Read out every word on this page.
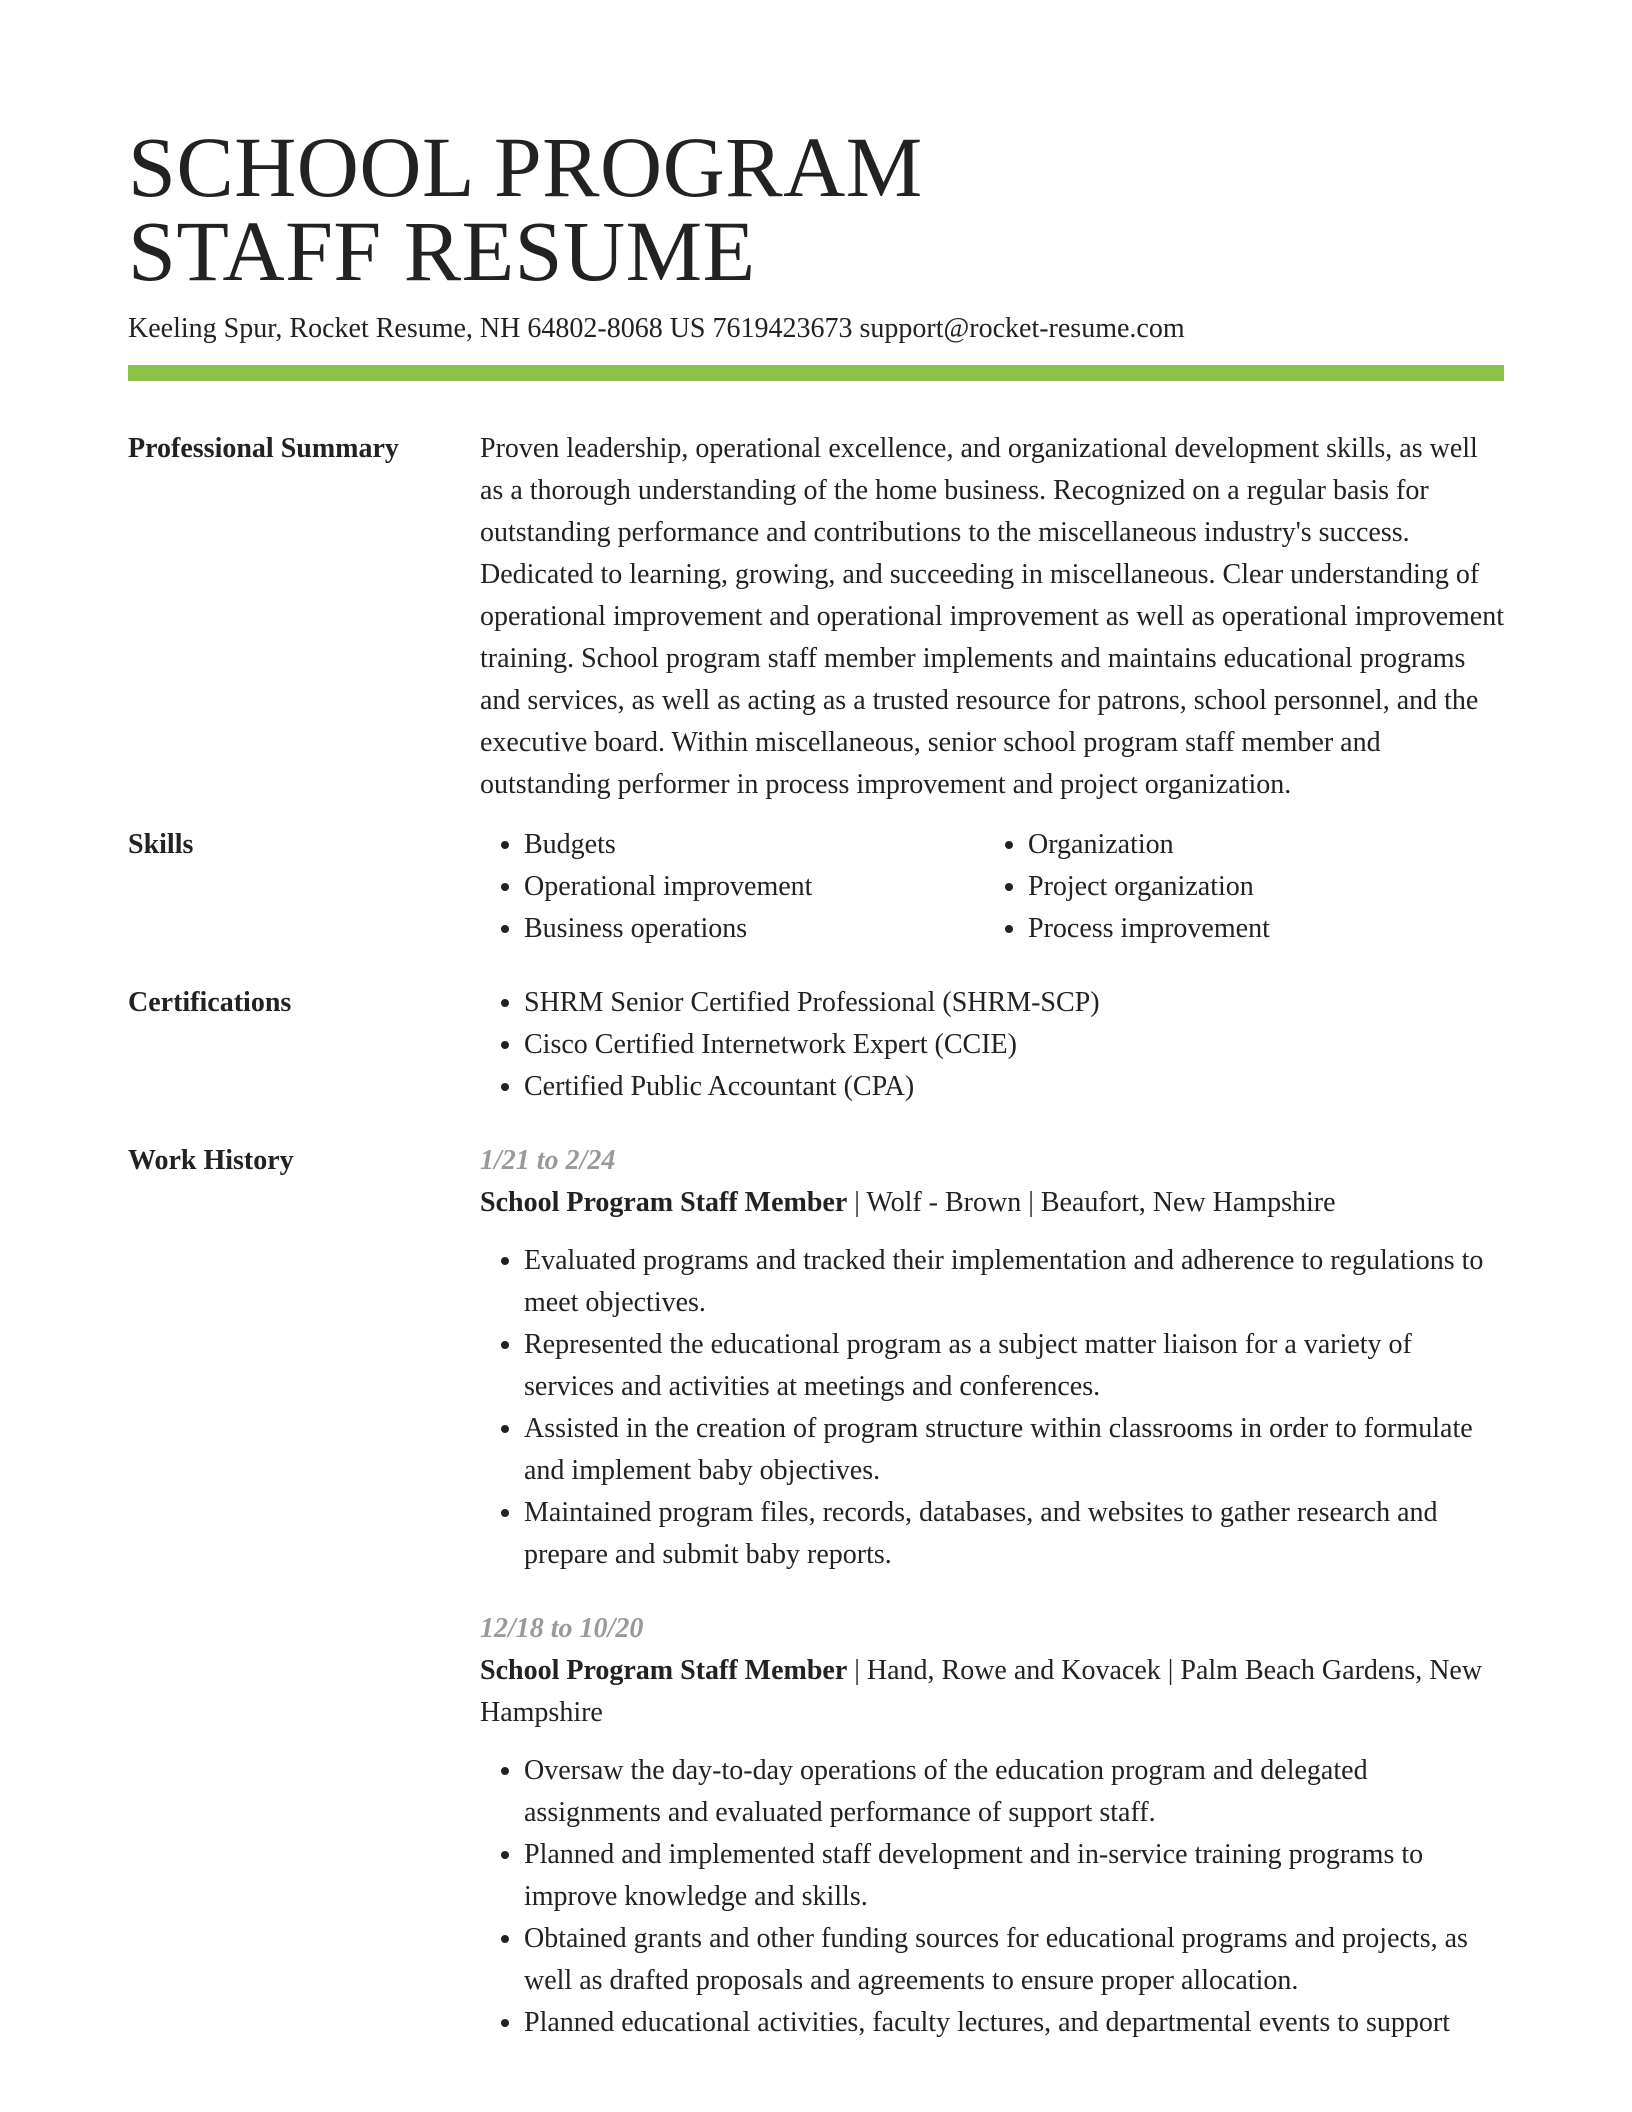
SCHOOL PROGRAM
STAFF RESUME
Keeling Spur, Rocket Resume, NH 64802-8068 US 7619423673 support@rocket-resume.com
Professional Summary	Proven leadership, operational excellence, and organizational development skills, as well as a thorough understanding of the home business. Recognized on a regular basis for outstanding performance and contributions to the miscellaneous industry's success. Dedicated to learning, growing, and succeeding in miscellaneous. Clear understanding of operational improvement and operational improvement as well as operational improvement training. School program staff member implements and maintains educational programs and services, as well as acting as a trusted resource for patrons, school personnel, and the executive board. Within miscellaneous, senior school program staff member and outstanding performer in process improvement and project organization.
Skills	• Budgets
• Operational improvement
• Business operations
• Organization
• Project organization
• Process improvement
Certifications	• SHRM Senior Certified Professional (SHRM-SCP)
• Cisco Certified Internetwork Expert (CCIE)
• Certified Public Accountant (CPA)
Work History	1/21 to 2/24
School Program Staff Member | Wolf - Brown | Beaufort, New Hampshire
• Evaluated programs and tracked their implementation and adherence to regulations to meet objectives.
• Represented the educational program as a subject matter liaison for a variety of services and activities at meetings and conferences.
• Assisted in the creation of program structure within classrooms in order to formulate and implement baby objectives.
• Maintained program files, records, databases, and websites to gather research and prepare and submit baby reports.
12/18 to 10/20
School Program Staff Member | Hand, Rowe and Kovacek | Palm Beach Gardens, New Hampshire
• Oversaw the day-to-day operations of the education program and delegated assignments and evaluated performance of support staff.
• Planned and implemented staff development and in-service training programs to improve knowledge and skills.
• Obtained grants and other funding sources for educational programs and projects, as well as drafted proposals and agreements to ensure proper allocation.
• Planned educational activities, faculty lectures, and departmental events to support
